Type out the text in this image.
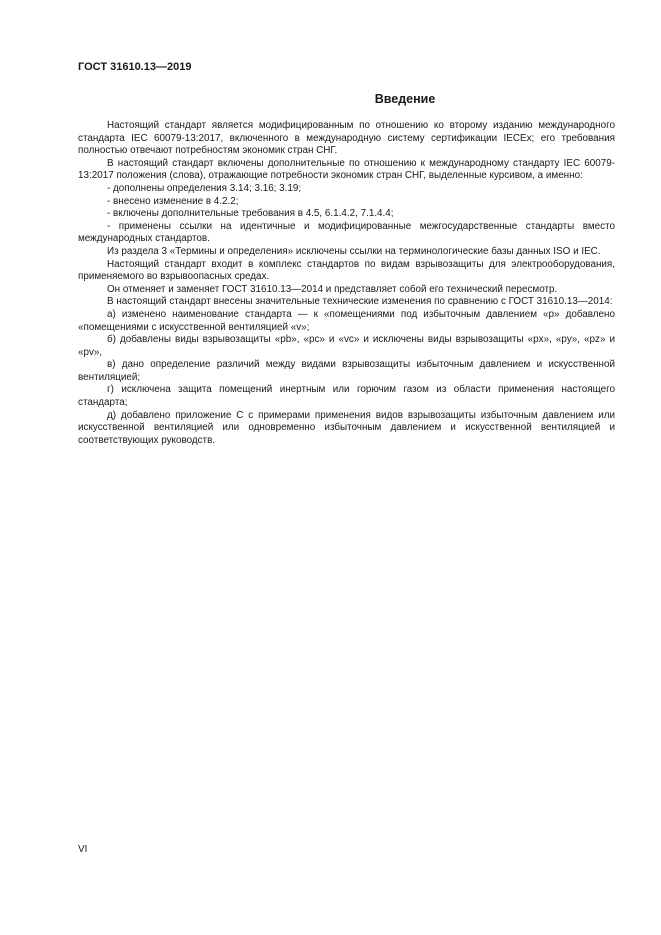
ГОСТ 31610.13—2019
Введение

Настоящий стандарт является модифицированным по отношению ко второму изданию международного стандарта IEC 60079-13:2017, включенного в международную систему сертификации IECEx; его требования полностью отвечают потребностям экономик стран СНГ.

В настоящий стандарт включены дополнительные по отношению к международному стандарту IEC 60079-13:2017 положения (слова), отражающие потребности экономик стран СНГ, выделенные курсивом, а именно:

- дополнены определения 3.14; 3.16; 3.19;

- внесено изменение в 4.2.2;

- включены дополнительные требования в 4.5, 6.1.4.2, 7.1.4.4;

- применены ссылки на идентичные и модифицированные межгосударственные стандарты вместо международных стандартов.

Из раздела 3 «Термины и определения» исключены ссылки на терминологические базы данных ISO и IEC.

Настоящий стандарт входит в комплекс стандартов по видам взрывозащиты для электрооборудования, применяемого во взрывоопасных средах.

Он отменяет и заменяет ГОСТ 31610.13—2014 и представляет собой его технический пересмотр.

В настоящий стандарт внесены значительные технические изменения по сравнению с ГОСТ 31610.13—2014:

а) изменено наименование стандарта — к «помещениями под избыточным давлением «р» добавлено «помещениями с искусственной вентиляцией «v»;

б) добавлены виды взрывозащиты «pb», «pc» и «vc» и исключены виды взрывозащиты «px», «py», «pz» и «pv»,

в) дано определение различий между видами взрывозащиты избыточным давлением и искусственной вентиляцией;

г) исключена защита помещений инертным или горючим газом из области применения настоящего стандарта;

д) добавлено приложение С с примерами применения видов взрывозащиты избыточным давлением или искусственной вентиляцией или одновременно избыточным давлением и искусственной вентиляцией и соответствующих руководств.

VI
